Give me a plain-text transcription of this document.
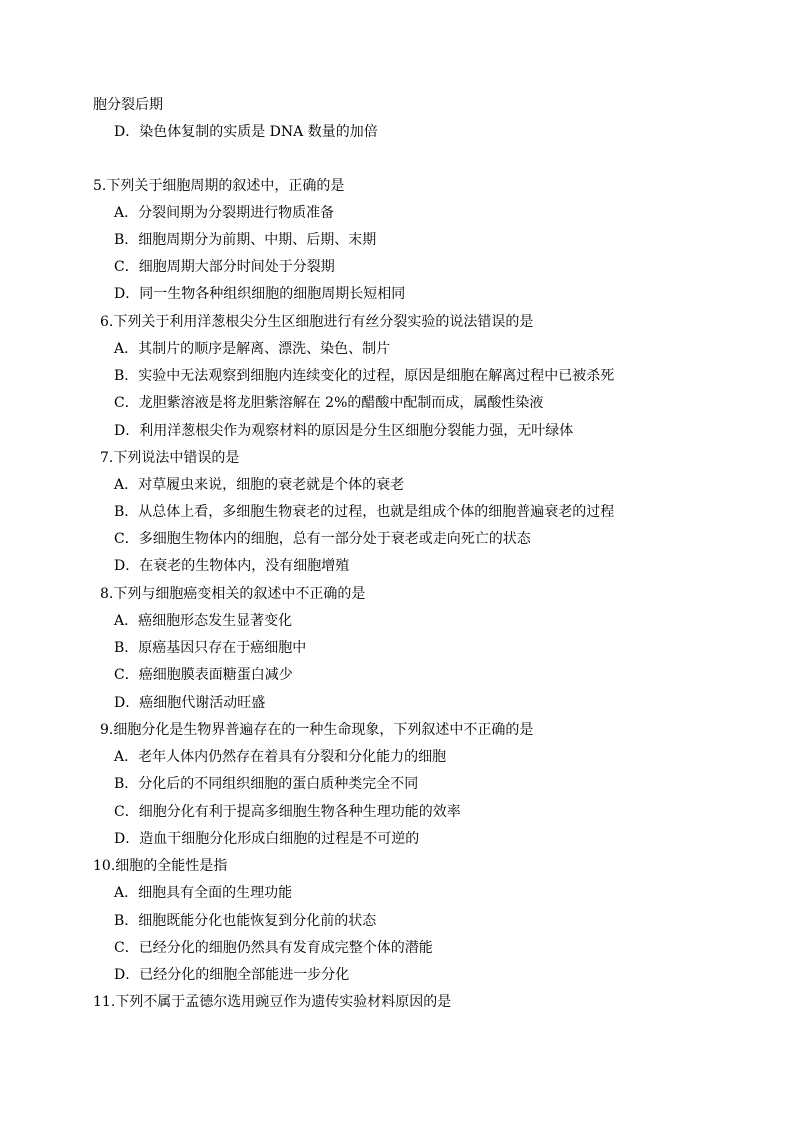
胞分裂后期
D．染色体复制的实质是 DNA 数量的加倍
5.下列关于细胞周期的叙述中，正确的是
A．分裂间期为分裂期进行物质准备
B．细胞周期分为前期、中期、后期、末期
C．细胞周期大部分时间处于分裂期
D．同一生物各种组织细胞的细胞周期长短相同
6.下列关于利用洋葱根尖分生区细胞进行有丝分裂实验的说法错误的是
A．其制片的顺序是解离、漂洗、染色、制片
B．实验中无法观察到细胞内连续变化的过程，原因是细胞在解离过程中已被杀死
C．龙胆紫溶液是将龙胆紫溶解在 2%的醋酸中配制而成，属酸性染液
D．利用洋葱根尖作为观察材料的原因是分生区细胞分裂能力强，无叶绿体
7.下列说法中错误的是
A．对草履虫来说，细胞的衰老就是个体的衰老
B．从总体上看，多细胞生物衰老的过程，也就是组成个体的细胞普遍衰老的过程
C．多细胞生物体内的细胞，总有一部分处于衰老或走向死亡的状态
D．在衰老的生物体内，没有细胞增殖
8.下列与细胞癌变相关的叙述中不正确的是
A．癌细胞形态发生显著变化
B．原癌基因只存在于癌细胞中
C．癌细胞膜表面糖蛋白减少
D．癌细胞代谢活动旺盛
9.细胞分化是生物界普遍存在的一种生命现象，下列叙述中不正确的是
A．老年人体内仍然存在着具有分裂和分化能力的细胞
B．分化后的不同组织细胞的蛋白质种类完全不同
C．细胞分化有利于提高多细胞生物各种生理功能的效率
D．造血干细胞分化形成白细胞的过程是不可逆的
10.细胞的全能性是指
A．细胞具有全面的生理功能
B．细胞既能分化也能恢复到分化前的状态
C．已经分化的细胞仍然具有发育成完整个体的潜能
D．已经分化的细胞全部能进一步分化
11.下列不属于孟德尔选用豌豆作为遗传实验材料原因的是
